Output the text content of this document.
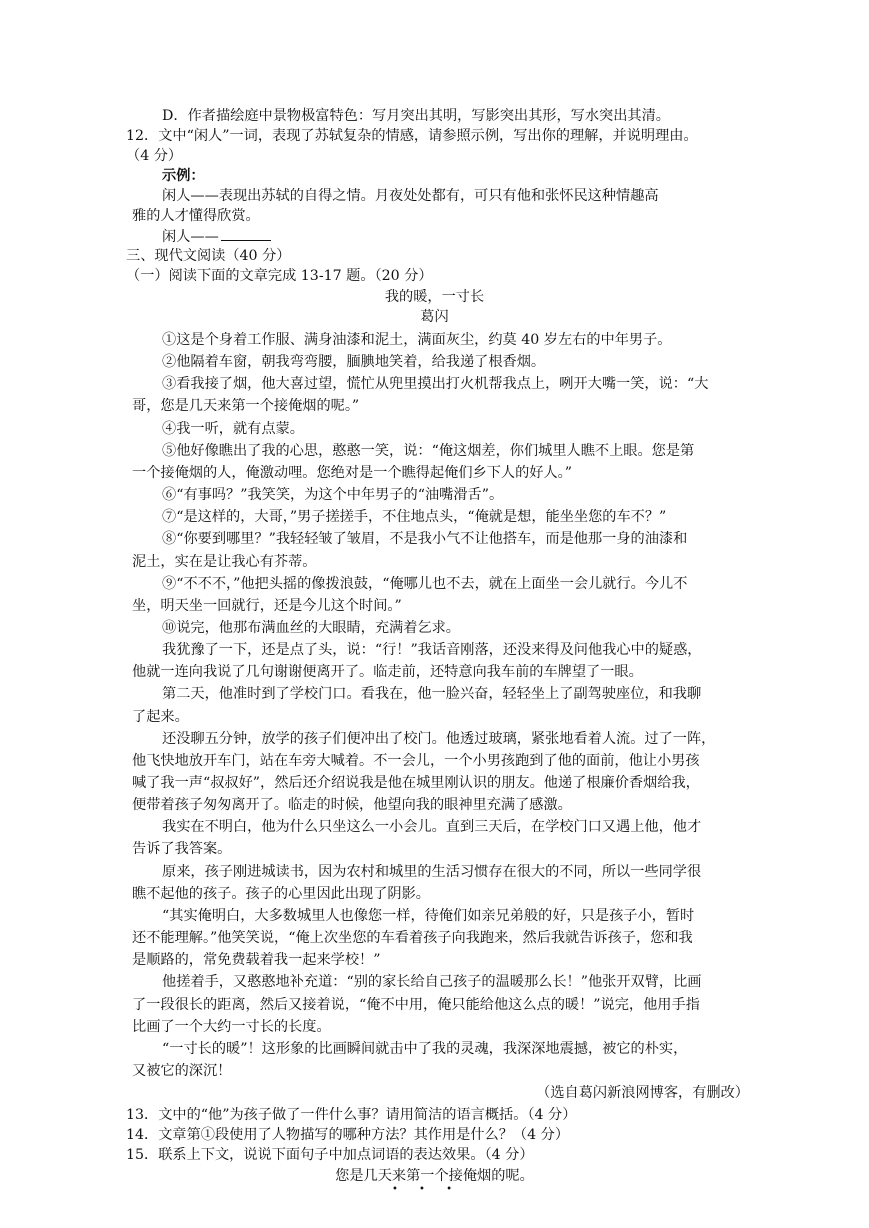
D．作者描绘庭中景物极富特色：写月突出其明，写影突出其形，写水突出其清。
12．文中“闲人”一词，表现了苏轼复杂的情感，请参照示例，写出你的理解，并说明理由。
（4 分）
示例：
闲人——表现出苏轼的自得之情。月夜处处都有，可只有他和张怀民这种情趣高
雅的人才懂得欣赏。
闲人——
三、现代文阅读（40 分）
（一）阅读下面的文章完成 13-17 题。（20 分）
我的暖，一寸长
葛闪
①这是个身着工作服、满身油漆和泥土，满面灰尘，约莫 40 岁左右的中年男子。
②他隔着车窗，朝我弯弯腰，腼腆地笑着，给我递了根香烟。
③看我接了烟，他大喜过望，慌忙从兜里摸出打火机帮我点上，咧开大嘴一笑，说：“大
哥，您是几天来第一个接俺烟的呢。”
④我一听，就有点蒙。
⑤他好像瞧出了我的心思，憨憨一笑，说：“俺这烟差，你们城里人瞧不上眼。您是第
一个接俺烟的人，俺激动哩。您绝对是一个瞧得起俺们乡下人的好人。”
⑥“有事吗？”我笑笑，为这个中年男子的“油嘴滑舌”。
⑦“是这样的，大哥，”男子搓搓手，不住地点头，“俺就是想，能坐坐您的车不？”
⑧“你要到哪里？”我轻轻皱了皱眉，不是我小气不让他搭车，而是他那一身的油漆和
泥土，实在是让我心有芥蒂。
⑨“不不不，”他把头摇的像拨浪鼓，“俺哪儿也不去，就在上面坐一会儿就行。今儿不
坐，明天坐一回就行，还是今儿这个时间。”
⑩说完，他那布满血丝的大眼睛，充满着乞求。
我犹豫了一下，还是点了头，说：“行！”我话音刚落，还没来得及问他我心中的疑惑，
他就一连向我说了几句谢谢便离开了。临走前，还特意向我车前的车牌望了一眼。
第二天，他准时到了学校门口。看我在，他一脸兴奋，轻轻坐上了副驾驶座位，和我聊
了起来。
还没聊五分钟，放学的孩子们便冲出了校门。他透过玻璃，紧张地看着人流。过了一阵，
他飞快地放开车门，站在车旁大喊着。不一会儿，一个小男孩跑到了他的面前，他让小男孩
喊了我一声“叔叔好”，然后还介绍说我是他在城里刚认识的朋友。他递了根廉价香烟给我，
便带着孩子匆匆离开了。临走的时候，他望向我的眼神里充满了感激。
我实在不明白，他为什么只坐这么一小会儿。直到三天后，在学校门口又遇上他，他才
告诉了我答案。
原来，孩子刚进城读书，因为农村和城里的生活习惯存在很大的不同，所以一些同学很
瞧不起他的孩子。孩子的心里因此出现了阴影。
“其实俺明白，大多数城里人也像您一样，待俺们如亲兄弟般的好，只是孩子小，暂时
还不能理解。”他笑笑说，“俺上次坐您的车看着孩子向我跑来，然后我就告诉孩子，您和我
是顺路的，常免费载着我一起来学校！”
他搓着手，又憨憨地补充道：“别的家长给自己孩子的温暖那么长！”他张开双臂，比画
了一段很长的距离，然后又接着说，“俺不中用，俺只能给他这么点的暖！”说完，他用手指
比画了一个大约一寸长的长度。
“一寸长的暖”！这形象的比画瞬间就击中了我的灵魂，我深深地震撼，被它的朴实，
又被它的深沉！
（选自葛闪新浪网博客，有删改）
13．文中的“他”为孩子做了一件什么事？请用简洁的语言概括。（4 分）
14．文章第①段使用了人物描写的哪种方法？其作用是什么？（4 分）
15．联系上下文，说说下面句子中加点词语的表达效果。（4 分）
您是几天来第一个接俺烟的呢。
• • •
